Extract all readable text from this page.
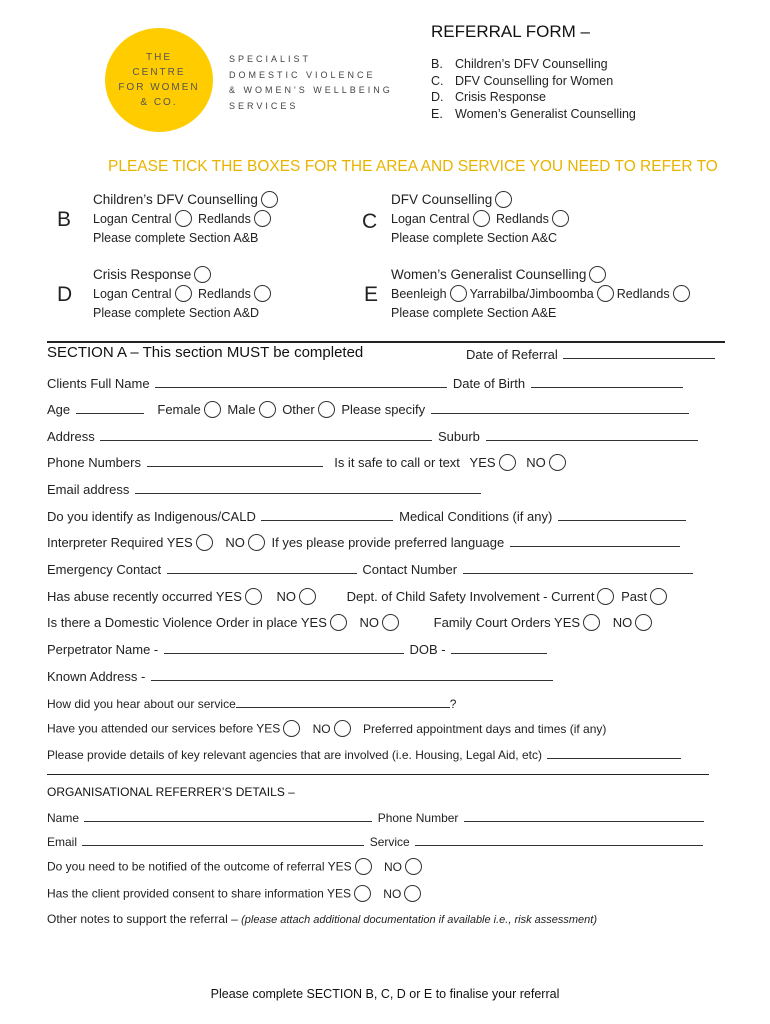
THE
CENTRE
FOR WOMEN
& CO.
SPECIALIST
DOMESTIC VIOLENCE
& WOMEN'S WELLBEING
SERVICES
REFERRAL FORM –
B. Children’s DFV Counselling
C. DFV Counselling for Women
D. Crisis Response
E. Women’s Generalist Counselling
PLEASE TICK THE BOXES FOR THE AREA AND SERVICE YOU NEED TO REFER TO
B
Children’s DFV Counselling
Logan Central Redlands
Please complete Section A&B
C
DFV Counselling
Logan Central Redlands
Please complete Section A&C
D
Crisis Response
Logan Central Redlands
Please complete Section A&D
E
Women’s Generalist Counselling
Beenleigh Yarrabilba/Jimboomba Redlands
Please complete Section A&E
SECTION A – This section MUST be completed	Date of Referral
Clients Full Name	Date of Birth
Age	Female Male Other Please specify
Address	Suburb
Phone Numbers	Is it safe to call or text YES NO
Email address
Do you identify as Indigenous/CALD	Medical Conditions (if any)
Interpreter Required YES	NO If yes please provide preferred language
Emergency Contact	Contact Number
Has abuse recently occurred YES	NO	Dept. of Child Safety Involvement - Current Past
Is there a Domestic Violence Order in place YES	NO	Family Court Orders YES	NO
Perpetrator Name -	DOB -
Known Address -
How did you hear about our service	?
Have you attended our services before YES	NO	Preferred appointment days and times (if any)
Please provide details of key relevant agencies that are involved (i.e. Housing, Legal Aid, etc)
ORGANISATIONAL REFERRER’S DETAILS –
Name	Phone Number
Email	Service
Do you need to be notified of the outcome of referral YES	NO
Has the client provided consent to share information YES	NO
Other notes to support the referral – (please attach additional documentation if available i.e., risk assessment)
Please complete SECTION B, C, D or E to finalise your referral
